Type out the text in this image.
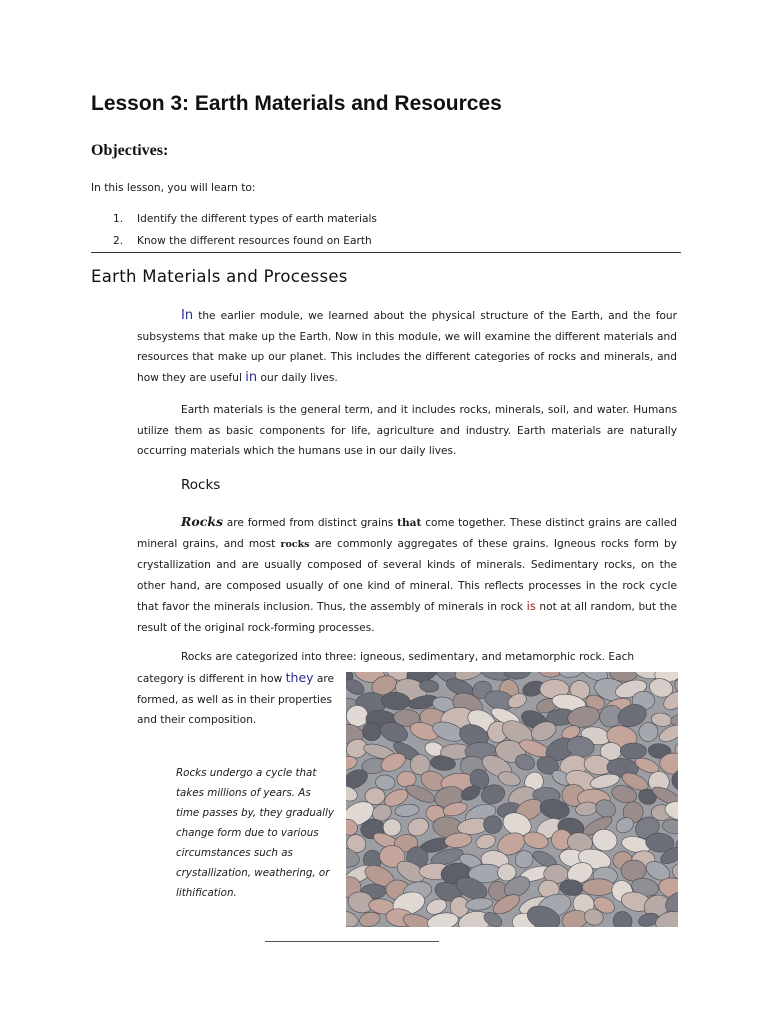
Lesson 3: Earth Materials and Resources
Objectives:
In this lesson, you will learn to:
1. Identify the different types of earth materials
2. Know the different resources found on Earth
Earth Materials and Processes
In the earlier module, we learned about the physical structure of the Earth, and the four subsystems that make up the Earth. Now in this module, we will examine the different materials and resources that make up our planet. This includes the different categories of rocks and minerals, and how they are useful in our daily lives.
Earth materials is the general term, and it includes rocks, minerals, soil, and water. Humans utilize them as basic components for life, agriculture and industry. Earth materials are naturally occurring materials which the humans use in our daily lives.
Rocks
Rocks are formed from distinct grains that come together. These distinct grains are called mineral grains, and most rocks are commonly aggregates of these grains. Igneous rocks form by crystallization and are usually composed of several kinds of minerals. Sedimentary rocks, on the other hand, are composed usually of one kind of mineral. This reflects processes in the rock cycle that favor the minerals inclusion. Thus, the assembly of minerals in rock is not at all random, but the result of the original rock-forming processes.
Rocks are categorized into three: igneous, sedimentary, and metamorphic rock. Each
category is different in how they are formed, as well as in their properties and their composition.
Rocks undergo a cycle that takes millions of years. As time passes by, they gradually change form due to various circumstances such as crystallization, weathering, or lithification.
